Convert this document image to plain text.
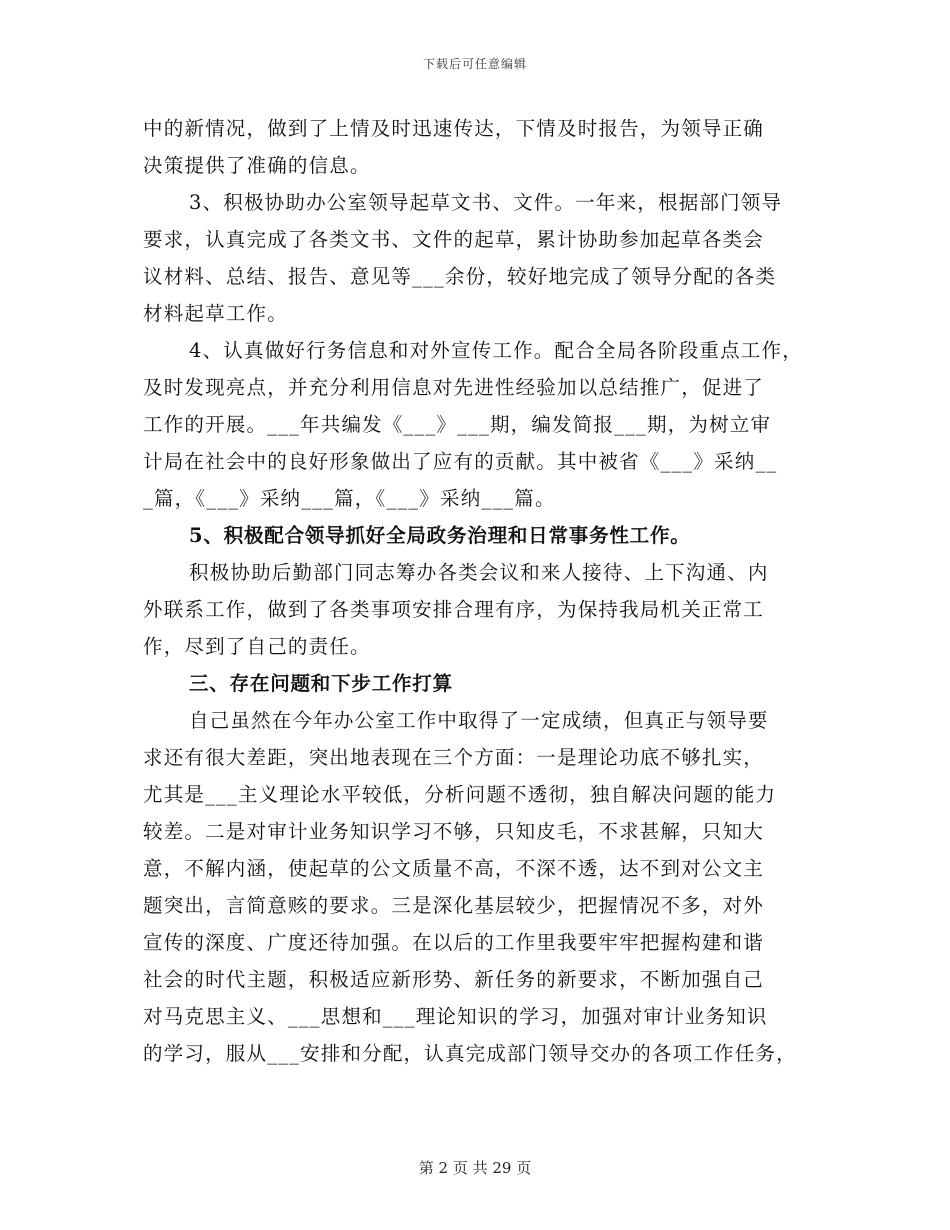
下载后可任意编辑
中的新情况，做到了上情及时迅速传达，下情及时报告，为领导正确
决策提供了准确的信息。
3、积极协助办公室领导起草文书、文件。一年来，根据部门领导
要求，认真完成了各类文书、文件的起草，累计协助参加起草各类会
议材料、总结、报告、意见等___余份，较好地完成了领导分配的各类
材料起草工作。
4、认真做好行务信息和对外宣传工作。配合全局各阶段重点工作，
及时发现亮点，并充分利用信息对先进性经验加以总结推广，促进了
工作的开展。___年共编发《___》___期，编发简报___期，为树立审
计局在社会中的良好形象做出了应有的贡献。其中被省《___》采纳__
_篇，《___》采纳___篇，《___》采纳___篇。
5、积极配合领导抓好全局政务治理和日常事务性工作。
积极协助后勤部门同志筹办各类会议和来人接待、上下沟通、内
外联系工作，做到了各类事项安排合理有序，为保持我局机关正常工
作，尽到了自己的责任。
三、存在问题和下步工作打算
自己虽然在今年办公室工作中取得了一定成绩，但真正与领导要
求还有很大差距，突出地表现在三个方面：一是理论功底不够扎实，
尤其是___主义理论水平较低，分析问题不透彻，独自解决问题的能力
较差。二是对审计业务知识学习不够，只知皮毛，不求甚解，只知大
意，不解内涵，使起草的公文质量不高，不深不透，达不到对公文主
题突出，言简意赅的要求。三是深化基层较少，把握情况不多，对外
宣传的深度、广度还待加强。在以后的工作里我要牢牢把握构建和谐
社会的时代主题，积极适应新形势、新任务的新要求，不断加强自己
对马克思主义、___思想和___理论知识的学习，加强对审计业务知识
的学习，服从___安排和分配，认真完成部门领导交办的各项工作任务，
第 2 页 共 29 页
